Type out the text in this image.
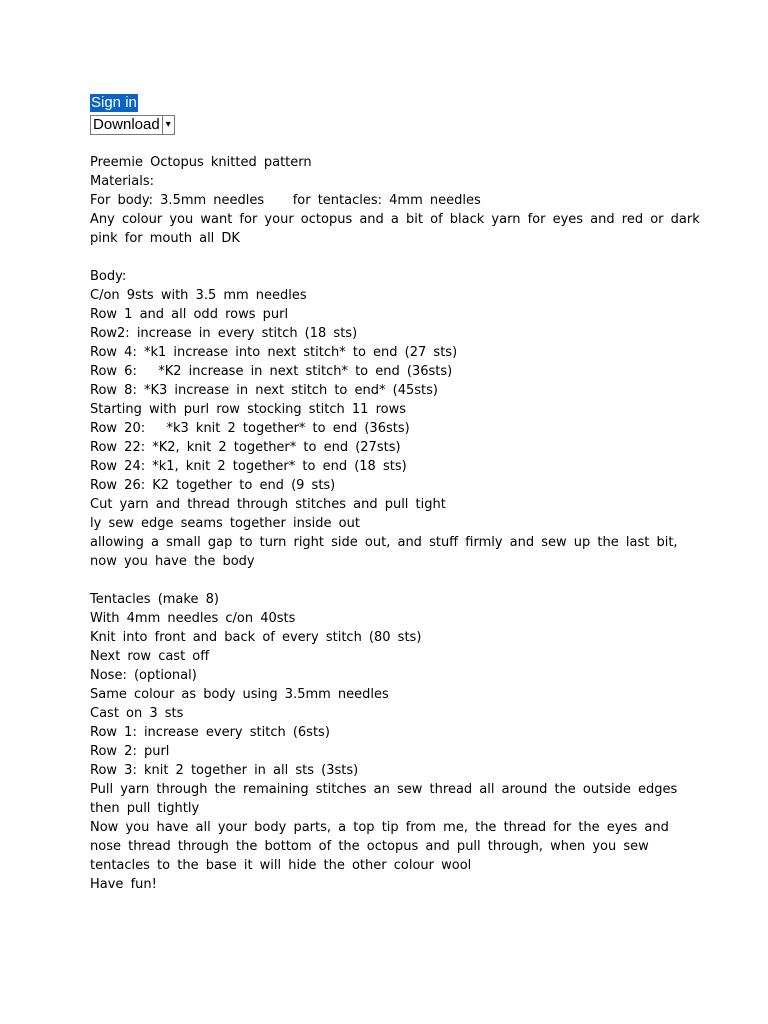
Sign in
Download ▾
Preemie Octopus knitted pattern
Materials:
For body: 3.5mm needles    for tentacles: 4mm needles
Any colour you want for your octopus and a bit of black yarn for eyes and red or dark
pink for mouth all DK
Body:
C/on 9sts with 3.5 mm needles
Row 1 and all odd rows purl
Row2: increase in every stitch (18 sts)
Row 4: *k1 increase into next stitch* to end (27 sts)
Row 6:   *K2 increase in next stitch* to end (36sts)
Row 8: *K3 increase in next stitch to end* (45sts)
Starting with purl row stocking stitch 11 rows
Row 20:   *k3 knit 2 together* to end (36sts)
Row 22: *K2, knit 2 together* to end (27sts)
Row 24: *k1, knit 2 together* to end (18 sts)
Row 26: K2 together to end (9 sts)
Cut yarn and thread through stitches and pull tight
ly sew edge seams together inside out
allowing a small gap to turn right side out, and stuff firmly and sew up the last bit,
now you have the body
Tentacles (make 8)
With 4mm needles c/on 40sts
Knit into front and back of every stitch (80 sts)
Next row cast off
Nose: (optional)
Same colour as body using 3.5mm needles
Cast on 3 sts
Row 1: increase every stitch (6sts)
Row 2: purl
Row 3: knit 2 together in all sts (3sts)
Pull yarn through the remaining stitches an sew thread all around the outside edges
then pull tightly
Now you have all your body parts, a top tip from me, the thread for the eyes and
nose thread through the bottom of the octopus and pull through, when you sew
tentacles to the base it will hide the other colour wool
Have fun!
